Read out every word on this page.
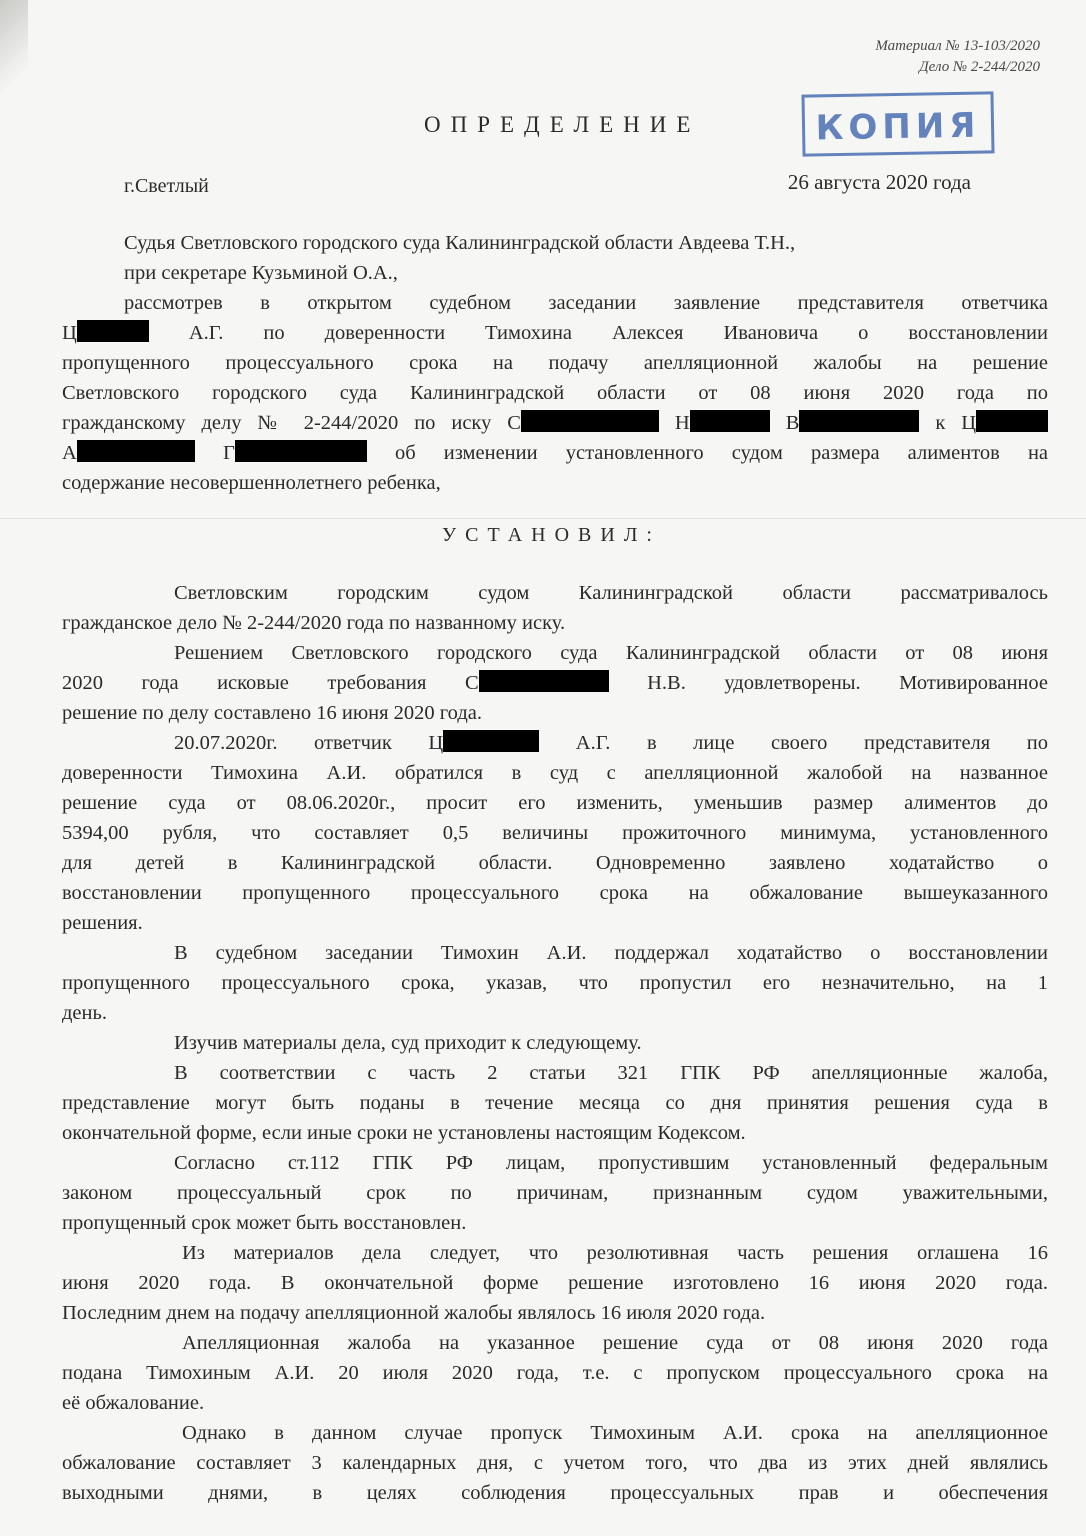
Материал № 13-103/2020
Дело № 2-244/2020
КОПИЯ
ОПРЕДЕЛЕНИЕ
г.Светлый	26 августа 2020 года
Судья Светловского городского суда Калининградской области Авдеева Т.Н.,
при секретаре Кузьминой О.А.,
рассмотрев в открытом судебном заседании заявление представителя ответчика
Ц	А.Г. по доверенности Тимохина Алексея Ивановича о восстановлении
пропущенного процессуального срока на подачу апелляционной жалобы на решение
Светловского городского суда Калининградской области от 08 июня 2020 года по
гражданскому делу № 2-244/2020 по иску С	Н	В	к Ц
А	Г	об изменении установленного судом размера алиментов на
содержание несовершеннолетнего ребенка,
УСТАНОВИЛ:
Светловским городским судом Калининградской области рассматривалось
гражданское дело № 2-244/2020 года по названному иску.
Решением Светловского городского суда Калининградской области от 08 июня
2020 года исковые требования С	Н.В. удовлетворены. Мотивированное
решение по делу составлено 16 июня 2020 года.
20.07.2020г. ответчик Ц	А.Г. в лице своего представителя по
доверенности Тимохина А.И. обратился в суд с апелляционной жалобой на названное
решение суда от 08.06.2020г., просит его изменить, уменьшив размер алиментов до
5394,00 рубля, что составляет 0,5 величины прожиточного минимума, установленного
для детей в Калининградской области. Одновременно заявлено ходатайство о
восстановлении пропущенного процессуального срока на обжалование вышеуказанного
решения.
В судебном заседании Тимохин А.И. поддержал ходатайство о восстановлении
пропущенного процессуального срока, указав, что пропустил его незначительно, на 1
день.
Изучив материалы дела, суд приходит к следующему.
В соответствии с часть 2 статьи 321 ГПК РФ апелляционные жалоба,
представление могут быть поданы в течение месяца со дня принятия решения суда в
окончательной форме, если иные сроки не установлены настоящим Кодексом.
Согласно ст.112 ГПК РФ лицам, пропустившим установленный федеральным
законом процессуальный срок по причинам, признанным судом уважительными,
пропущенный срок может быть восстановлен.
Из материалов дела следует, что резолютивная часть решения оглашена 16
июня 2020 года. В окончательной форме решение изготовлено 16 июня 2020 года.
Последним днем на подачу апелляционной жалобы являлось 16 июля 2020 года.
Апелляционная жалоба на указанное решение суда от 08 июня 2020 года
подана Тимохиным А.И. 20 июля 2020 года, т.е. с пропуском процессуального срока на
её обжалование.
Однако в данном случае пропуск Тимохиным А.И. срока на апелляционное
обжалование составляет 3 календарных дня, с учетом того, что два из этих дней являлись
выходными днями, в целях соблюдения процессуальных прав и обеспечения
